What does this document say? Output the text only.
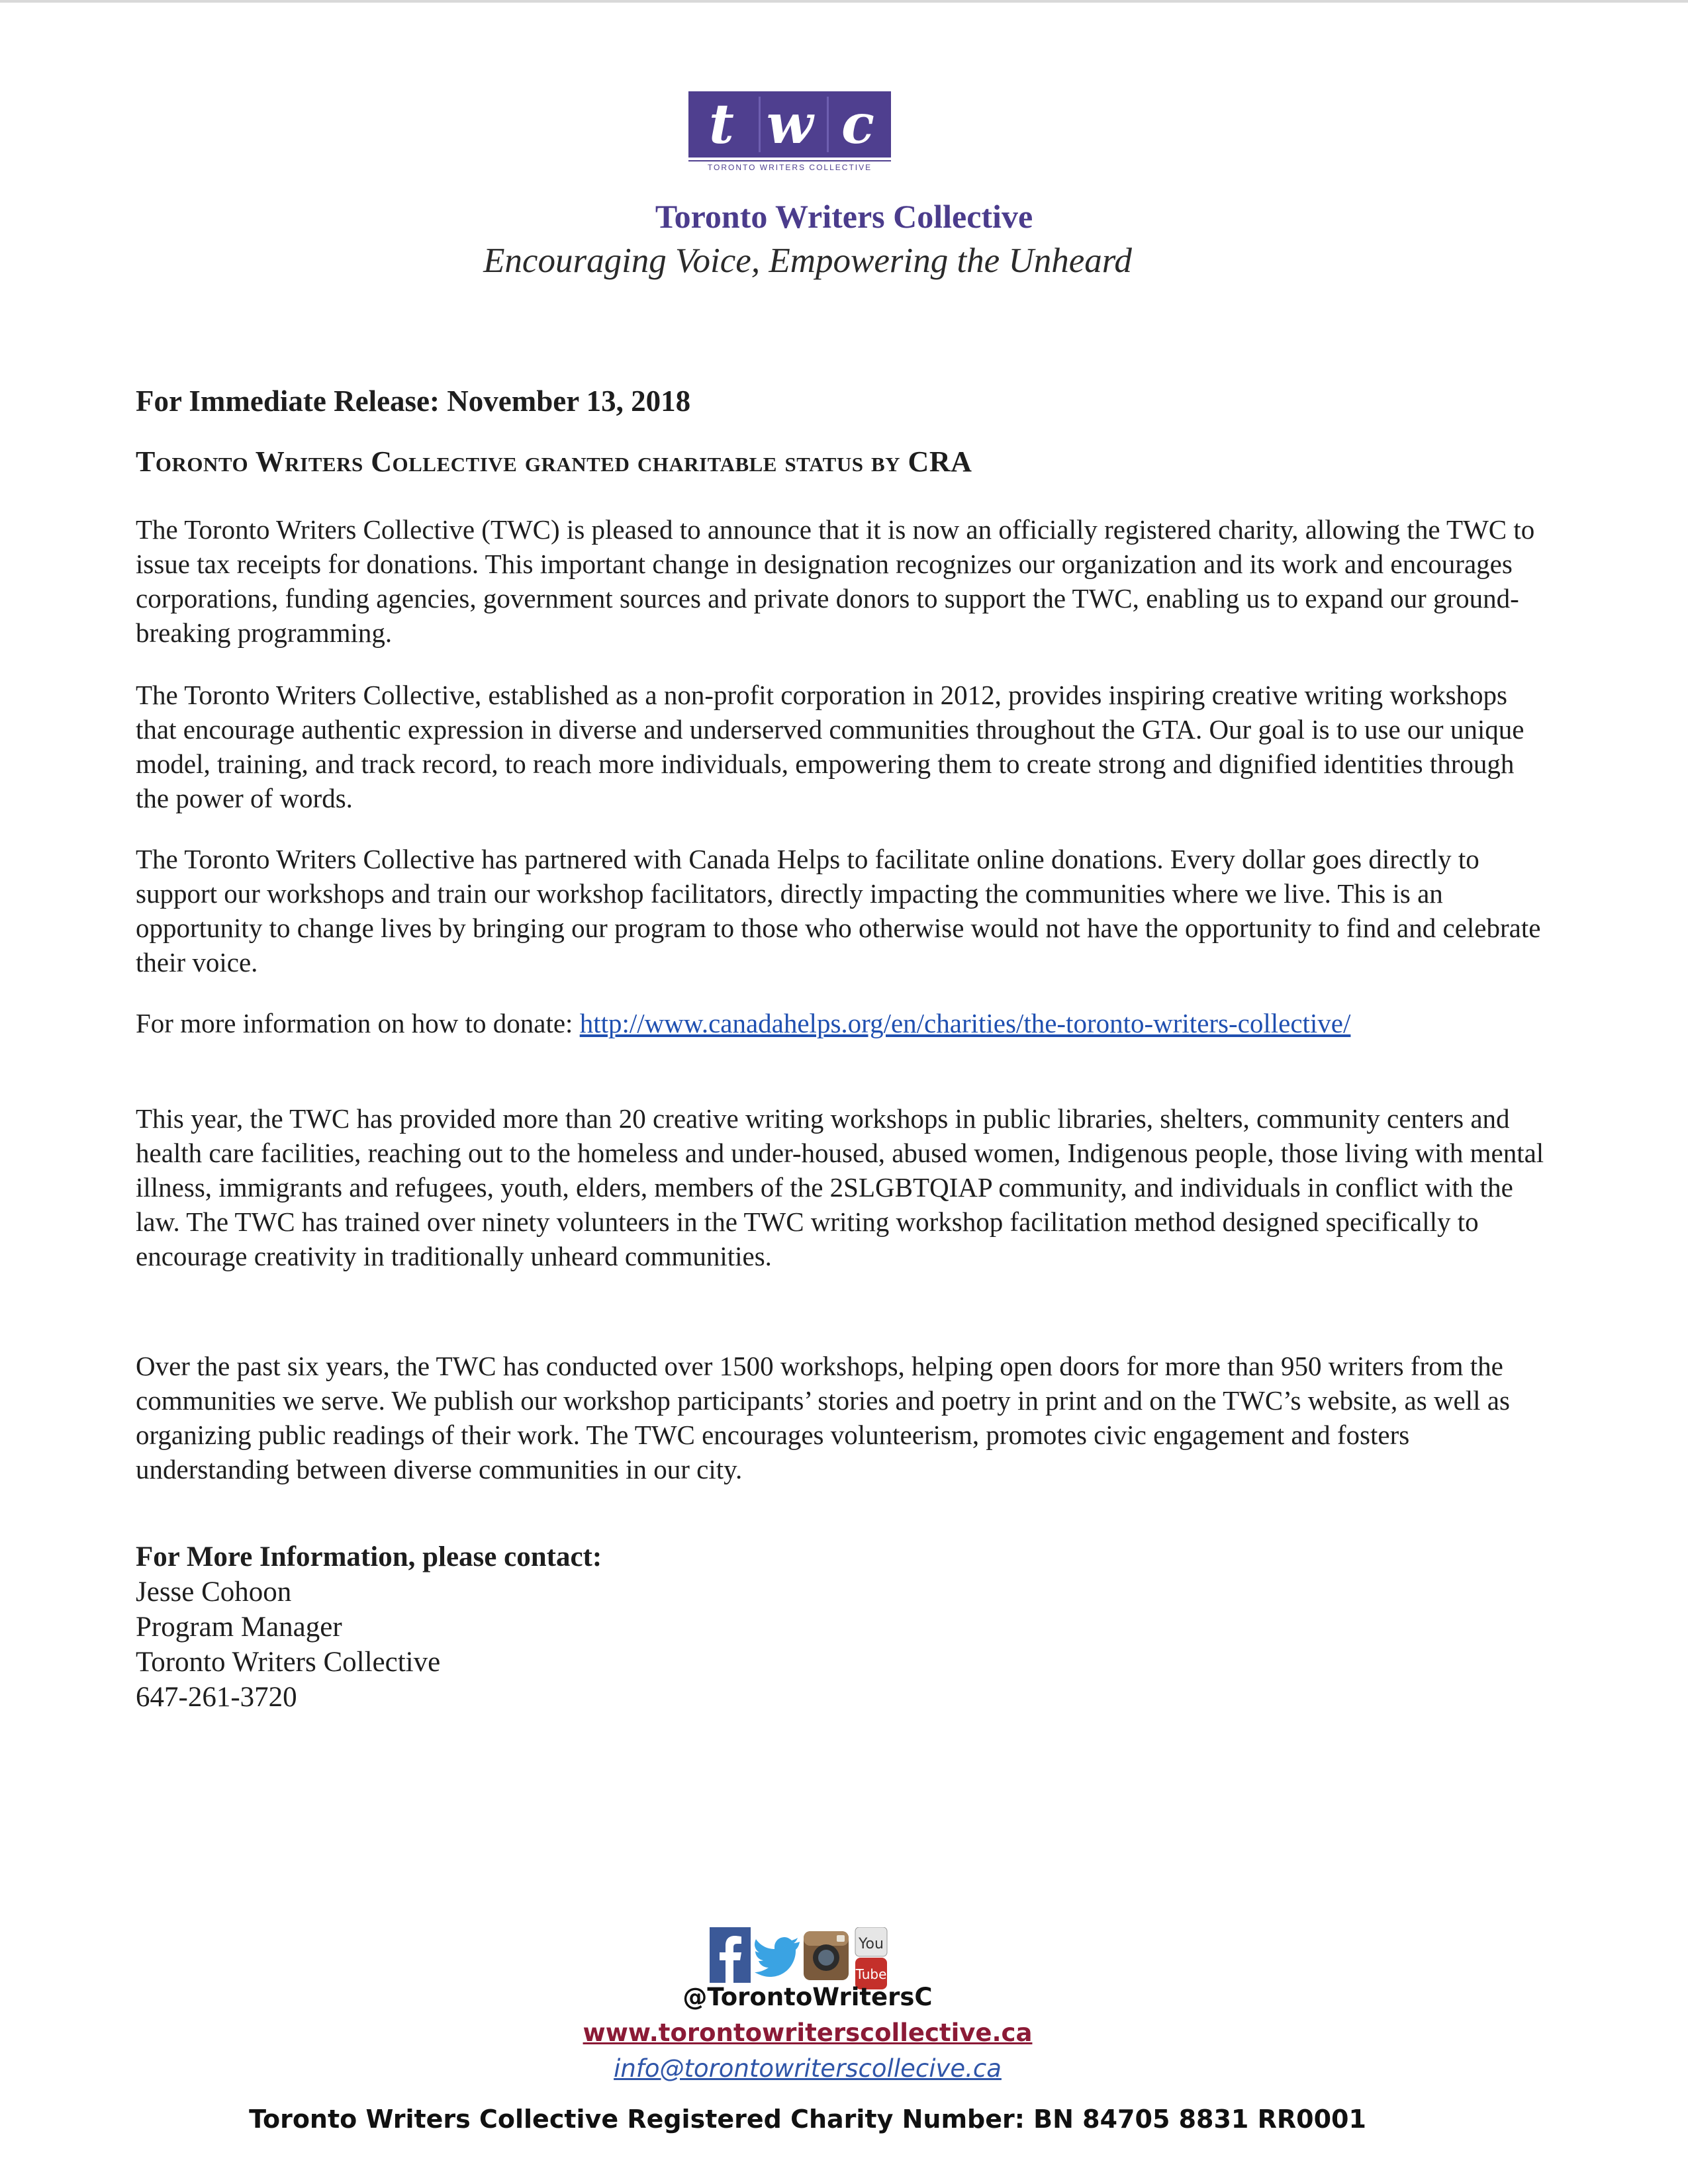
t w c
TORONTO WRITERS COLLECTIVE
Toronto Writers Collective
Encouraging Voice, Empowering the Unheard
For Immediate Release: November 13, 2018
Toronto Writers Collective granted charitable status by CRA

The Toronto Writers Collective (TWC) is pleased to announce that it is now an officially registered charity, allowing the TWC to issue tax receipts for donations. This important change in designation recognizes our organization and its work and encourages corporations, funding agencies, government sources and private donors to support the TWC, enabling us to expand our ground-breaking programming.

The Toronto Writers Collective, established as a non-profit corporation in 2012, provides inspiring creative writing workshops that encourage authentic expression in diverse and underserved communities throughout the GTA. Our goal is to use our unique model, training, and track record, to reach more individuals, empowering them to create strong and dignified identities through the power of words.

The Toronto Writers Collective has partnered with Canada Helps to facilitate online donations. Every dollar goes directly to support our workshops and train our workshop facilitators, directly impacting the communities where we live. This is an opportunity to change lives by bringing our program to those who otherwise would not have the opportunity to find and celebrate their voice.

For more information on how to donate: http://www.canadahelps.org/en/charities/the-toronto-writers-collective/

This year, the TWC has provided more than 20 creative writing workshops in public libraries, shelters, community centers and health care facilities, reaching out to the homeless and under-housed, abused women, Indigenous people, those living with mental illness, immigrants and refugees, youth, elders, members of the 2SLGBTQIAP community, and individuals in conflict with the law. The TWC has trained over ninety volunteers in the TWC writing workshop facilitation method designed specifically to encourage creativity in traditionally unheard communities.

Over the past six years, the TWC has conducted over 1500 workshops, helping open doors for more than 950 writers from the communities we serve. We publish our workshop participants’ stories and poetry in print and on the TWC’s website, as well as organizing public readings of their work. The TWC encourages volunteerism, promotes civic engagement and fosters understanding between diverse communities in our city.

For More Information, please contact:
Jesse Cohoon
Program Manager
Toronto Writers Collective
647-261-3720
You
Tube
@TorontoWritersC
www.torontowriterscollective.ca
info@torontowriterscollecive.ca
Toronto Writers Collective Registered Charity Number: BN 84705 8831 RR0001
